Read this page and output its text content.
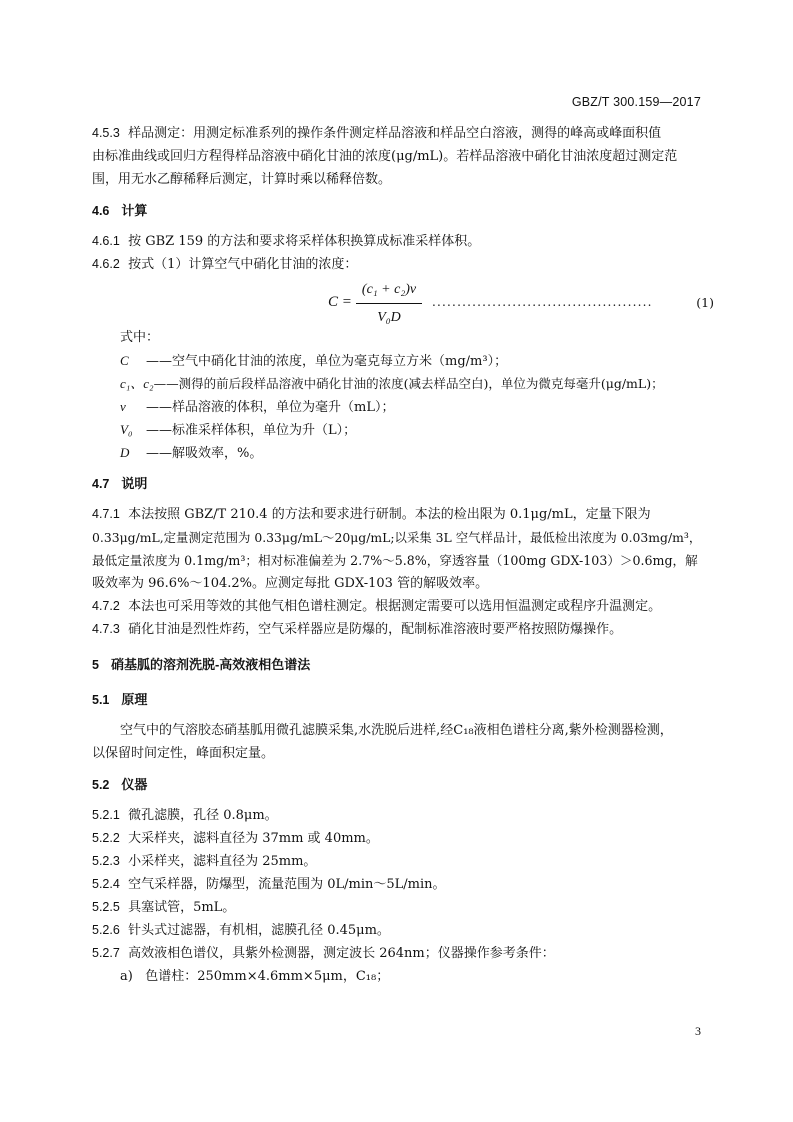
GBZ/T 300.159—2017
4.5.3 样品测定：用测定标准系列的操作条件测定样品溶液和样品空白溶液，测得的峰高或峰面积值
由标准曲线或回归方程得样品溶液中硝化甘油的浓度(μg/mL)。若样品溶液中硝化甘油浓度超过测定范
围，用无水乙醇稀释后测定，计算时乘以稀释倍数。
4.6 计算
4.6.1 按 GBZ 159 的方法和要求将采样体积换算成标准采样体积。
4.6.2 按式（1）计算空气中硝化甘油的浓度：
C =
(c₁ + c₂)v
V₀D
............................................	(1)
式中：
C ——空气中硝化甘油的浓度，单位为毫克每立方米（mg/m³）；
c₁、c₂——测得的前后段样品溶液中硝化甘油的浓度(减去样品空白)，单位为微克每毫升(μg/mL)；
v ——样品溶液的体积，单位为毫升（mL）；
V₀ ——标准采样体积，单位为升（L）；
D ——解吸效率，%。
4.7 说明
4.7.1 本法按照 GBZ/T 210.4 的方法和要求进行研制。本法的检出限为 0.1μg/mL，定量下限为
0.33μg/mL,定量测定范围为 0.33μg/mL～20μg/mL;以采集 3L 空气样品计，最低检出浓度为 0.03mg/m³，
最低定量浓度为 0.1mg/m³；相对标准偏差为 2.7%～5.8%，穿透容量（100mg GDX-103）＞0.6mg，解
吸效率为 96.6%～104.2%。应测定每批 GDX-103 管的解吸效率。
4.7.2 本法也可采用等效的其他气相色谱柱测定。根据测定需要可以选用恒温测定或程序升温测定。
4.7.3 硝化甘油是烈性炸药，空气采样器应是防爆的，配制标准溶液时要严格按照防爆操作。
5 硝基胍的溶剂洗脱-高效液相色谱法
5.1 原理
空气中的气溶胶态硝基胍用微孔滤膜采集,水洗脱后进样,经C₁₈液相色谱柱分离,紫外检测器检测，
以保留时间定性，峰面积定量。
5.2 仪器
5.2.1 微孔滤膜，孔径 0.8μm。
5.2.2 大采样夹，滤料直径为 37mm 或 40mm。
5.2.3 小采样夹，滤料直径为 25mm。
5.2.4 空气采样器，防爆型，流量范围为 0L/min～5L/min。
5.2.5 具塞试管，5mL。
5.2.6 针头式过滤器，有机相，滤膜孔径 0.45μm。
5.2.7 高效液相色谱仪，具紫外检测器，测定波长 264nm；仪器操作参考条件：
a) 色谱柱：250mm×4.6mm×5μm，C₁₈；
3
